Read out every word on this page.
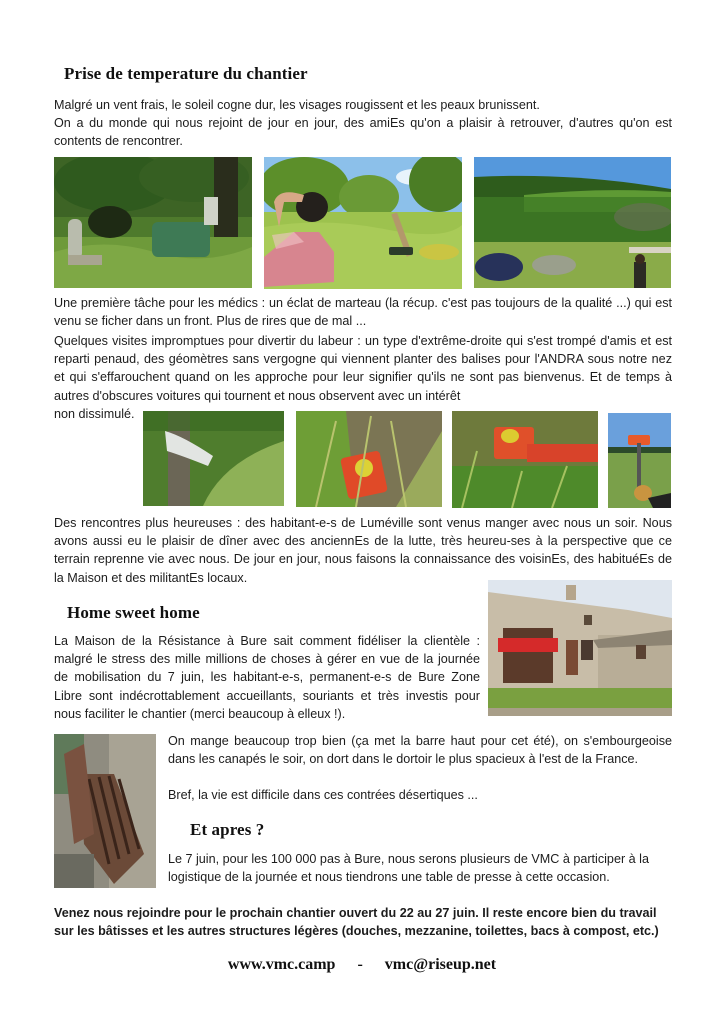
Prise de temperature du chantier
Malgré un vent frais, le soleil cogne dur, les visages rougissent et les peaux brunissent.
On a du monde qui nous rejoint de jour en jour, des amiEs qu'on a plaisir à retrouver, d'autres qu'on est contents de rencontrer.
Une première tâche pour les médics : un éclat de marteau (la récup. c'est pas toujours de la qualité ...) qui est venu se ficher dans un front. Plus de rires que de mal ...
Quelques visites impromptues pour divertir du labeur : un type d'extrême-droite qui s'est trompé d'amis et est reparti penaud, des géomètres sans vergogne qui viennent planter des balises pour l'ANDRA sous notre nez et qui s'effarouchent quand on les approche pour leur signifier qu'ils ne sont pas bienvenus. Et de temps à autres d'obscures voitures qui tournent et nous observent avec un intérêt
non dissimulé.
Des rencontres plus heureuses : des habitant-e-s de Luméville sont venus manger avec nous un soir. Nous avons aussi eu le plaisir de dîner avec des anciennEs de la lutte, très heureu-ses à la perspective que ce terrain reprenne vie avec nous. De jour en jour, nous faisons la connaissance des voisinEs, des habituéEs de la Maison et des militantEs locaux.
Home sweet home
La Maison de la Résistance à Bure sait comment fidéliser la clientèle : malgré le stress des mille millions de choses à gérer en vue de la journée de mobilisation du 7 juin, les habitant-e-s, permanent-e-s de Bure Zone Libre sont indécrottablement accueillants, souriants et très investis pour nous faciliter le chantier (merci beaucoup à elleux !).
On mange beaucoup trop bien (ça met la barre haut pour cet été), on s'embourgeoise dans les canapés le soir, on dort dans le dortoir le plus spacieux à l'est de la France.
Bref, la vie est difficile dans ces contrées désertiques ...
Et apres ?
Le 7 juin, pour les 100 000 pas à Bure, nous serons plusieurs de VMC à participer à la logistique de la journée et nous tiendrons une table de presse à cette occasion.
Venez nous rejoindre pour le prochain chantier ouvert du 22 au 27 juin. Il reste encore bien du travail sur les bâtisses et les autres structures légères (douches, mezzanine, toilettes, bacs à compost, etc.)
www.vmc.camp - vmc@riseup.net
